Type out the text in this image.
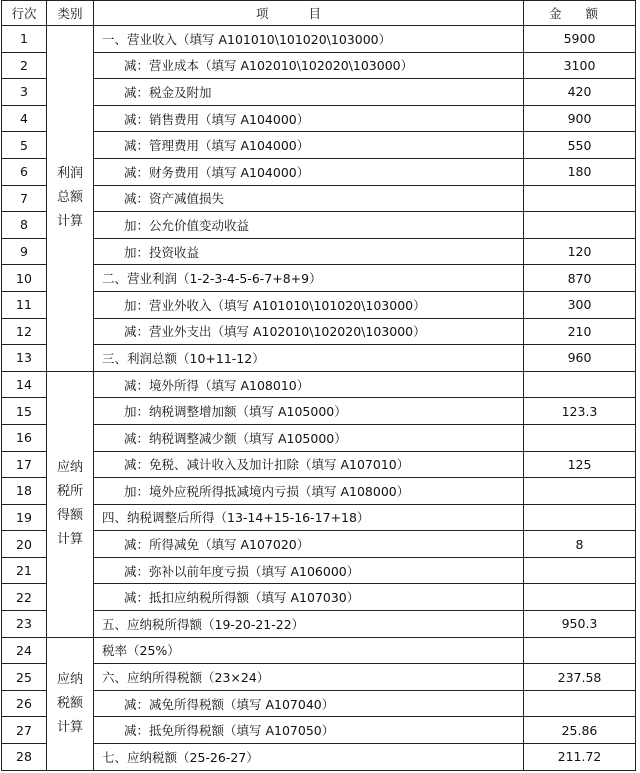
行次	类别	项目	金额
1	利润总额计算	一、营业收入（填写 A101010\101020\103000）	5900
2		减：营业成本（填写 A102010\102020\103000）	3100
3		减：税金及附加	420
4		减：销售费用（填写 A104000）	900
5		减：管理费用（填写 A104000）	550
6		减：财务费用（填写 A104000）	180
7		减：资产减值损失	
8		加：公允价值变动收益	
9		加：投资收益	120
10		二、营业利润（1-2-3-4-5-6-7+8+9）	870
11		加：营业外收入（填写 A101010\101020\103000）	300
12		减：营业外支出（填写 A102010\102020\103000）	210
13		三、利润总额（10+11-12）	960
14	应纳税所得额计算	减：境外所得（填写 A108010）	
15		加：纳税调整增加额（填写 A105000）	123.3
16		减：纳税调整减少额（填写 A105000）	
17		减：免税、减计收入及加计扣除（填写 A107010）	125
18		加：境外应税所得抵减境内亏损（填写 A108000）	
19		四、纳税调整后所得（13-14+15-16-17+18）	
20		减：所得减免（填写 A107020）	8
21		减：弥补以前年度亏损（填写 A106000）	
22		减：抵扣应纳税所得额（填写 A107030）	
23		五、应纳税所得额（19-20-21-22）	950.3
24	应纳税额计算	税率（25%）	
25		六、应纳所得税额（23×24）	237.58
26		减：减免所得税额（填写 A107040）	
27		减：抵免所得税额（填写 A107050）	25.86
28		七、应纳税额（25-26-27）	211.72
